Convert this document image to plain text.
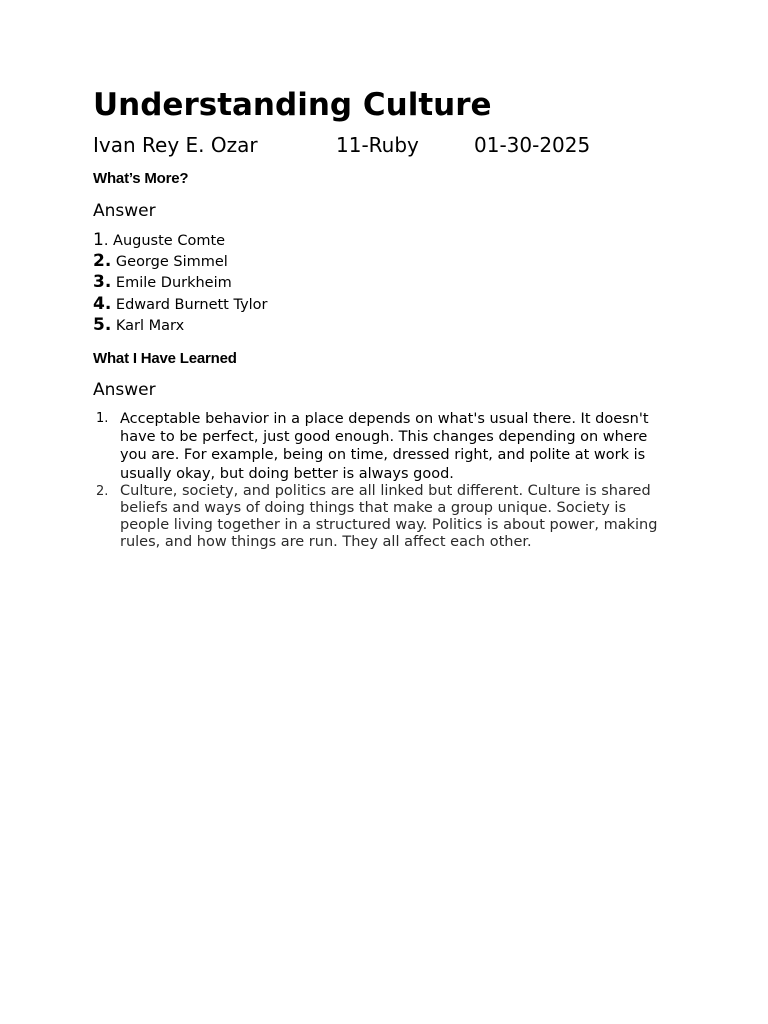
Understanding Culture
Ivan Rey E. Ozar	11-Ruby	01-30-2025
What’s More?
Answer
1. Auguste Comte
2. George Simmel
3. Emile Durkheim
4. Edward Burnett Tylor
5. Karl Marx
What I Have Learned
Answer
1. Acceptable behavior in a place depends on what's usual there. It doesn't have to be perfect, just good enough. This changes depending on where you are. For example, being on time, dressed right, and polite at work is usually okay, but doing better is always good.
2. Culture, society, and politics are all linked but different. Culture is shared beliefs and ways of doing things that make a group unique. Society is people living together in a structured way. Politics is about power, making rules, and how things are run. They all affect each other.
